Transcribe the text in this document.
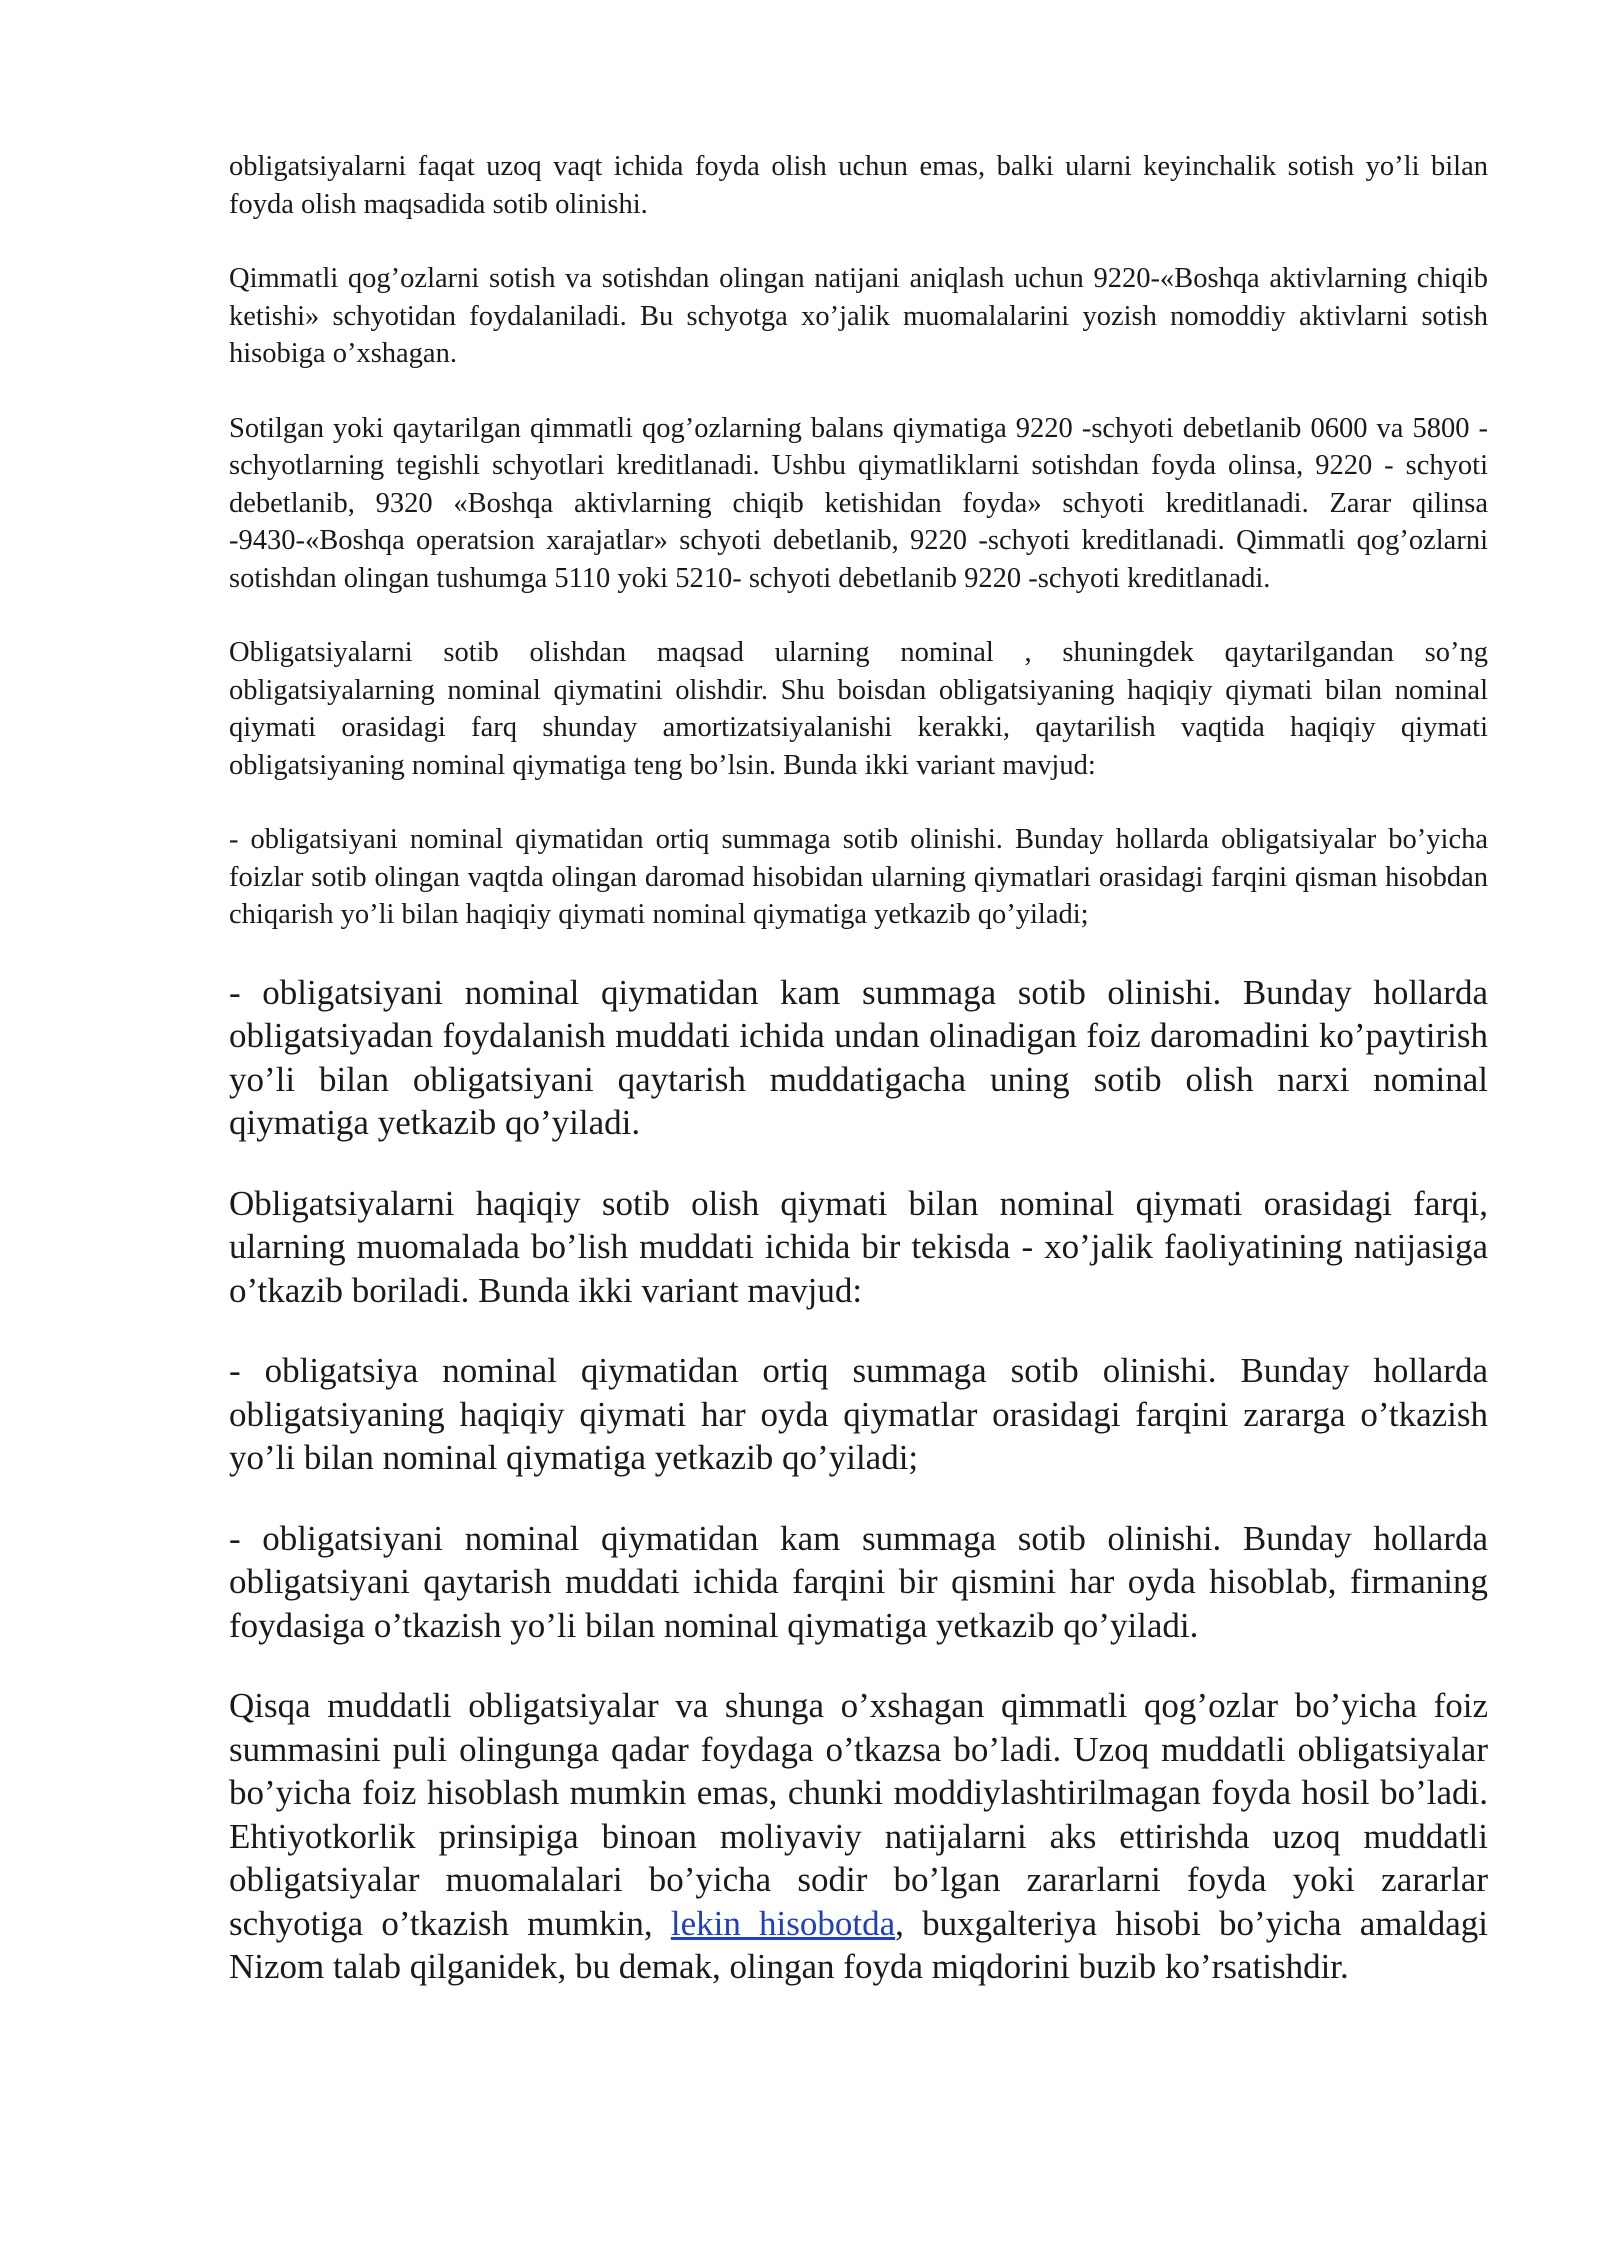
obligatsiyalarni faqat uzoq vaqt ichida foyda olish uchun emas, balki ularni keyinchalik sotish yo’li bilan foyda olish maqsadida sotib olinishi.

Qimmatli qog’ozlarni sotish va sotishdan olingan natijani aniqlash uchun 9220-«Boshqa aktivlarning chiqib ketishi» schyotidan foydalaniladi. Bu schyotga xo’jalik muomalalarini yozish nomoddiy aktivlarni sotish hisobiga o’xshagan.

Sotilgan yoki qaytarilgan qimmatli qog’ozlarning balans qiymatiga 9220 -schyoti debetlanib 0600 va 5800 - schyotlarning tegishli schyotlari kreditlanadi. Ushbu qiymatliklarni sotishdan foyda olinsa, 9220 - schyoti debetlanib, 9320 «Boshqa aktivlarning chiqib ketishidan foyda» schyoti kreditlanadi. Zarar qilinsa -9430-«Boshqa operatsion xarajatlar» schyoti debetlanib, 9220 -schyoti kreditlanadi. Qimmatli qog’ozlarni sotishdan olingan tushumga 5110 yoki 5210- schyoti debetlanib 9220 -schyoti kreditlanadi.

Obligatsiyalarni sotib olishdan maqsad ularning nominal , shuningdek qaytarilgandan so’ng obligatsiyalarning nominal qiymatini olishdir. Shu boisdan obligatsiyaning haqiqiy qiymati bilan nominal qiymati orasidagi farq shunday amortizatsiyalanishi kerakki, qaytarilish vaqtida haqiqiy qiymati obligatsiyaning nominal qiymatiga teng bo’lsin. Bunda ikki variant mavjud:

- obligatsiyani nominal qiymatidan ortiq summaga sotib olinishi. Bunday hollarda obligatsiyalar bo’yicha foizlar sotib olingan vaqtda olingan daromad hisobidan ularning qiymatlari orasidagi farqini qisman hisobdan chiqarish yo’li bilan haqiqiy qiymati nominal qiymatiga yetkazib qo’yiladi;

- obligatsiyani nominal qiymatidan kam summaga sotib olinishi. Bunday hollarda obligatsiyadan foydalanish muddati ichida undan olinadigan foiz daromadini ko’paytirish yo’li bilan obligatsiyani qaytarish muddatigacha uning sotib olish narxi nominal qiymatiga yetkazib qo’yiladi.

Obligatsiyalarni haqiqiy sotib olish qiymati bilan nominal qiymati orasidagi farqi, ularning muomalada bo’lish muddati ichida bir tekisda - xo’jalik faoliyatining natijasiga o’tkazib boriladi. Bunda ikki variant mavjud:

- obligatsiya nominal qiymatidan ortiq summaga sotib olinishi. Bunday hollarda obligatsiyaning haqiqiy qiymati har oyda qiymatlar orasidagi farqini zararga o’tkazish yo’li bilan nominal qiymatiga yetkazib qo’yiladi;

- obligatsiyani nominal qiymatidan kam summaga sotib olinishi. Bunday hollarda obligatsiyani qaytarish muddati ichida farqini bir qismini har oyda hisoblab, firmaning foydasiga o’tkazish yo’li bilan nominal qiymatiga yetkazib qo’yiladi.

Qisqa muddatli obligatsiyalar va shunga o’xshagan qimmatli qog’ozlar bo’yicha foiz summasini puli olingunga qadar foydaga o’tkazsa bo’ladi. Uzoq muddatli obligatsiyalar bo’yicha foiz hisoblash mumkin emas, chunki moddiylashtirilmagan foyda hosil bo’ladi. Ehtiyotkorlik prinsipiga binoan moliyaviy natijalarni aks ettirishda uzoq muddatli obligatsiyalar muomalalari bo’yicha sodir bo’lgan zararlarni foyda yoki zararlar schyotiga o’tkazish mumkin, lekin hisobotda, buxgalteriya hisobi bo’yicha amaldagi Nizom talab qilganidek, bu demak, olingan foyda miqdorini buzib ko’rsatishdir.
